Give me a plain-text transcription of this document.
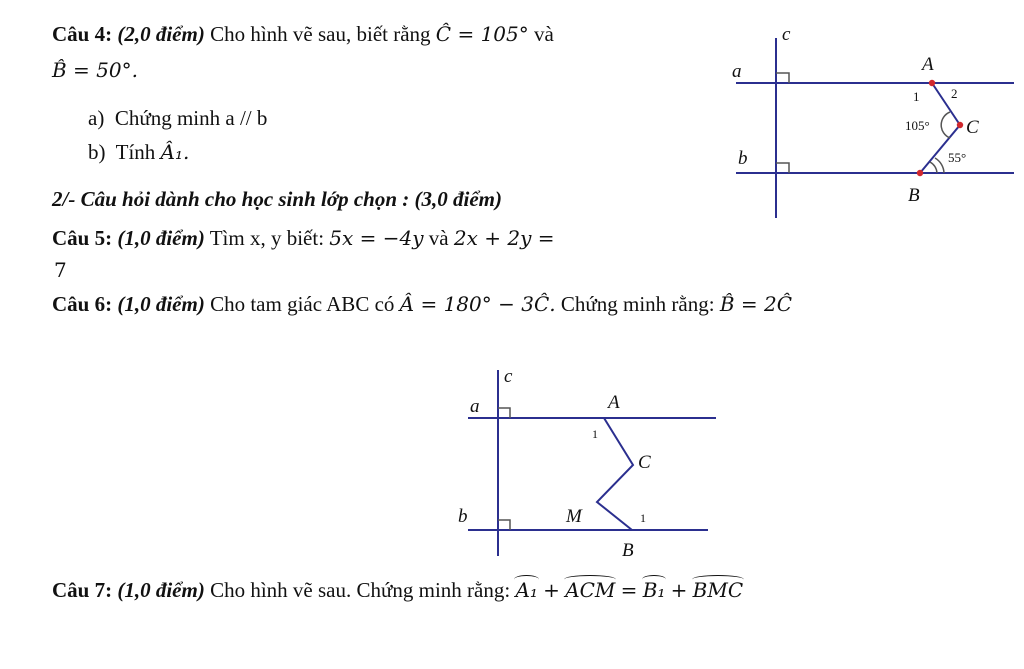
Câu 4: (2,0 điểm) Cho hình vẽ sau, biết rằng Ĉ = 105° và
B̂ = 50°.
a) Chứng minh a // b
b) Tính Â₁.
2/- Câu hỏi dành cho học sinh lớp chọn : (3,0 điểm)
Câu 5: (1,0 điểm) Tìm x, y biết: 5x = −4y và 2x + 2y =
7
Câu 6: (1,0 điểm) Cho tam giác ABC có Â = 180° − 3Ĉ. Chứng minh rằng: B̂ = 2Ĉ
Câu 7: (1,0 điểm) Cho hình vẽ sau. Chứng minh rằng: A₁ + ACM = B₁ + BMC
c
a
b
A
C
B
1 2
105°
55°
c
a
b
A
C
M
B
1
1
